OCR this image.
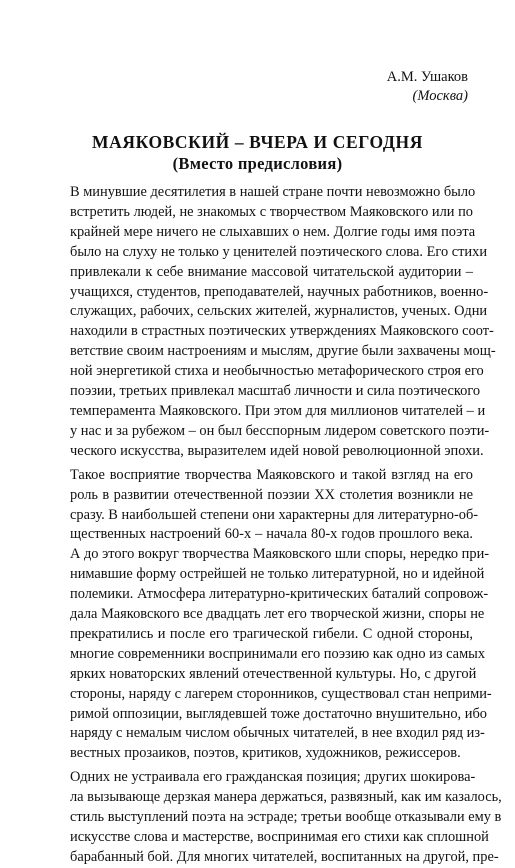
А.М. Ушаков
(Москва)
МАЯКОВСКИЙ – ВЧЕРА И СЕГОДНЯ
(Вместо предисловия)
В минувшие десятилетия в нашей стране почти невозможно было
встретить людей, не знакомых с творчеством Маяковского или по
крайней мере ничего не слыхавших о нем. Долгие годы имя поэта
было на слуху не только у ценителей поэтического слова. Его стихи
привлекали к себе внимание массовой читательской аудитории –
учащихся, студентов, преподавателей, научных работников, военно-
служащих, рабочих, сельских жителей, журналистов, ученых. Одни
находили в страстных поэтических утверждениях Маяковского соот-
ветствие своим настроениям и мыслям, другие были захвачены мощ-
ной энергетикой стиха и необычностью метафорического строя его
поэзии, третьих привлекал масштаб личности и сила поэтического
темперамента Маяковского. При этом для миллионов читателей – и
у нас и за рубежом – он был бесспорным лидером советского поэти-
ческого искусства, выразителем идей новой революционной эпохи.
Такое восприятие творчества Маяковского и такой взгляд на его
роль в развитии отечественной поэзии XX столетия возникли не
сразу. В наибольшей степени они характерны для литературно-об-
щественных настроений 60-х – начала 80-х годов прошлого века.
А до этого вокруг творчества Маяковского шли споры, нередко при-
нимавшие форму острейшей не только литературной, но и идейной
полемики. Атмосфера литературно-критических баталий сопровож-
дала Маяковского все двадцать лет его творческой жизни, споры не
прекратились и после его трагической гибели. С одной стороны,
многие современники воспринимали его поэзию как одно из самых
ярких новаторских явлений отечественной культуры. Но, с другой
стороны, наряду с лагерем сторонников, существовал стан неприми-
римой оппозиции, выглядевшей тоже достаточно внушительно, ибо
наряду с немалым числом обычных читателей, в нее входил ряд из-
вестных прозаиков, поэтов, критиков, художников, режиссеров.
Одних не устраивала его гражданская позиция; других шокирова-
ла вызывающе дерзкая манера держаться, развязный, как им казалось,
стиль выступлений поэта на эстраде; третьи вообще отказывали ему в
искусстве слова и мастерстве, воспринимая его стихи как сплошной
барабанный бой. Для многих читателей, воспитанных на другой, пре-
